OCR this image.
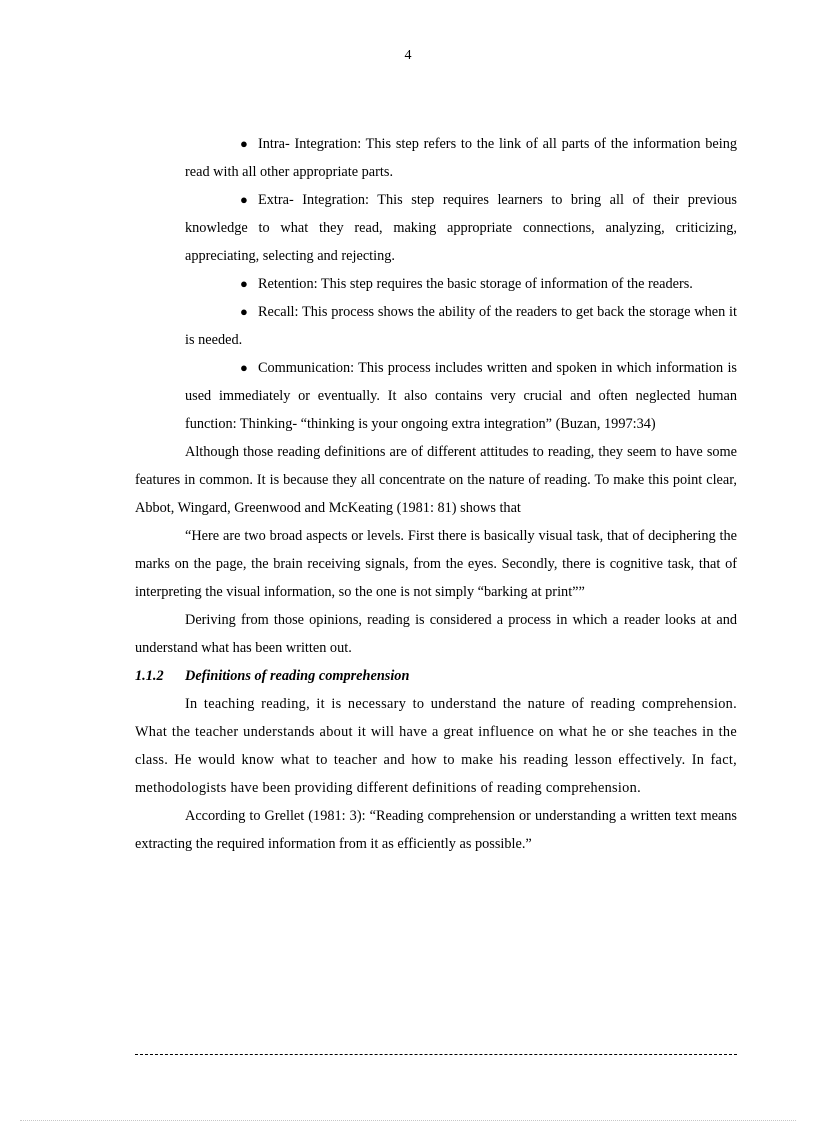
4
● Intra- Integration: This step refers to the link of all parts of the information being read with all other appropriate parts.

● Extra- Integration: This step requires learners to bring all of their previous knowledge to what they read, making appropriate connections, analyzing, criticizing, appreciating, selecting and rejecting.

● Retention: This step requires the basic storage of information of the readers.

● Recall: This process shows the ability of the readers to get back the storage when it is needed.

● Communication: This process includes written and spoken in which information is used immediately or eventually. It also contains very crucial and often neglected human function: Thinking- “thinking is your ongoing extra integration” (Buzan, 1997:34)

Although those reading definitions are of different attitudes to reading, they seem to have some features in common. It is because they all concentrate on the nature of reading. To make this point clear, Abbot, Wingard, Greenwood and McKeating (1981: 81) shows that

“Here are two broad aspects or levels. First there is basically visual task, that of deciphering the marks on the page, the brain receiving signals, from the eyes. Secondly, there is cognitive task, that of interpreting the visual information, so the one is not simply “barking at print””

Deriving from those opinions, reading is considered a process in which a reader looks at and understand what has been written out.

1.1.2 Definitions of reading comprehension

In teaching reading, it is necessary to understand the nature of reading comprehension. What the teacher understands about it will have a great influence on what he or she teaches in the class. He would know what to teacher and how to make his reading lesson effectively. In fact, methodologists have been providing different definitions of reading comprehension.

According to Grellet (1981: 3): “Reading comprehension or understanding a written text means extracting the required information from it as efficiently as possible.”
